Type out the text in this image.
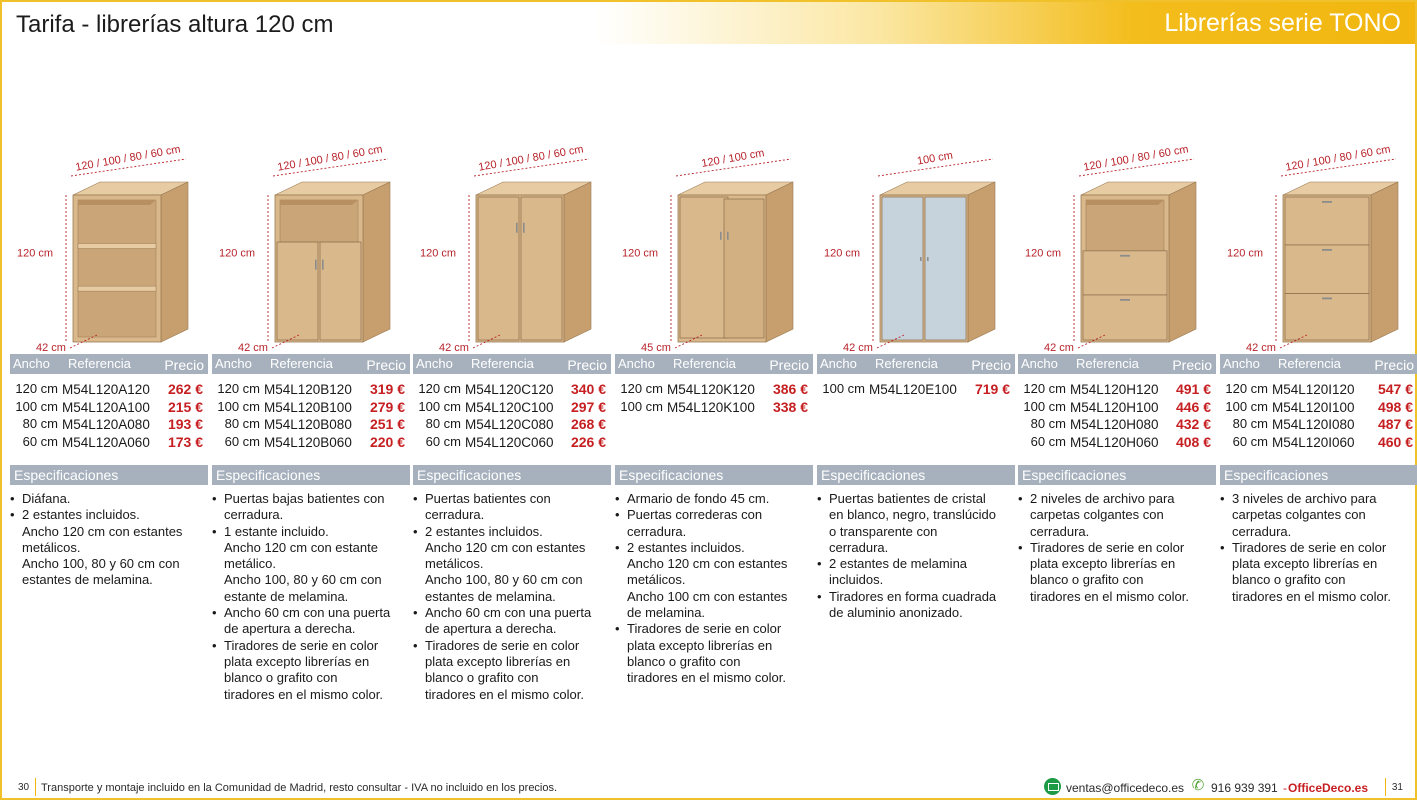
Tarifa - librerías altura 120 cm	Librerías serie TONO
120 / 100 / 80 / 60 cm
120 cm
42 cm
Ancho Referencia Precio
120 cm M54L120A120 262 €
100 cm M54L120A100 215 €
80 cm M54L120A080 193 €
60 cm M54L120A060 173 €
Especificaciones
• Diáfana.
• 2 estantes incluidos.
Ancho 120 cm con estantes
metálicos.
Ancho 100, 80 y 60 cm con
estantes de melamina.
120 / 100 / 80 / 60 cm
120 cm
42 cm
Ancho Referencia Precio
120 cm M54L120B120 319 €
100 cm M54L120B100 279 €
80 cm M54L120B080 251 €
60 cm M54L120B060 220 €
Especificaciones
• Puertas bajas batientes con
cerradura.
• 1 estante incluido.
Ancho 120 cm con estante
metálico.
Ancho 100, 80 y 60 cm con
estante de melamina.
• Ancho 60 cm con una puerta
de apertura a derecha.
• Tiradores de serie en color
plata excepto librerías en
blanco o grafito con
tiradores en el mismo color.
120 / 100 / 80 / 60 cm
120 cm
42 cm
Ancho Referencia Precio
120 cm M54L120C120 340 €
100 cm M54L120C100 297 €
80 cm M54L120C080 268 €
60 cm M54L120C060 226 €
Especificaciones
• Puertas batientes con
cerradura.
• 2 estantes incluidos.
Ancho 120 cm con estantes
metálicos.
Ancho 100, 80 y 60 cm con
estantes de melamina.
• Ancho 60 cm con una puerta
de apertura a derecha.
• Tiradores de serie en color
plata excepto librerías en
blanco o grafito con
tiradores en el mismo color.
120 / 100 cm
120 cm
45 cm
Ancho Referencia Precio
120 cm M54L120K120 386 €
100 cm M54L120K100 338 €
Especificaciones
• Armario de fondo 45 cm.
• Puertas correderas con
cerradura.
• 2 estantes incluidos.
Ancho 120 cm con estantes
metálicos.
Ancho 100 cm con estantes
de melamina.
• Tiradores de serie en color
plata excepto librerías en
blanco o grafito con
tiradores en el mismo color.
100 cm
120 cm
42 cm
Ancho Referencia Precio
100 cm M54L120E100 719 €
Especificaciones
• Puertas batientes de cristal
en blanco, negro, translúcido
o transparente con
cerradura.
• 2 estantes de melamina
incluidos.
• Tiradores en forma cuadrada
de aluminio anonizado.
120 / 100 / 80 / 60 cm
120 cm
42 cm
Ancho Referencia Precio
120 cm M54L120H120 491 €
100 cm M54L120H100 446 €
80 cm M54L120H080 432 €
60 cm M54L120H060 408 €
Especificaciones
• 2 niveles de archivo para
carpetas colgantes con
cerradura.
• Tiradores de serie en color
plata excepto librerías en
blanco o grafito con
tiradores en el mismo color.
120 / 100 / 80 / 60 cm
120 cm
42 cm
Ancho Referencia Precio
120 cm M54L120I120 547 €
100 cm M54L120I100 498 €
80 cm M54L120I080 487 €
60 cm M54L120I060 460 €
Especificaciones
• 3 niveles de archivo para
carpetas colgantes con
cerradura.
• Tiradores de serie en color
plata excepto librerías en
blanco o grafito con
tiradores en el mismo color.
30 Transporte y montaje incluido en la Comunidad de Madrid, resto consultar - IVA no incluido en los precios.	ventas@officedeco.es ✆ 916 939 391 - OfficeDeco.es 31
